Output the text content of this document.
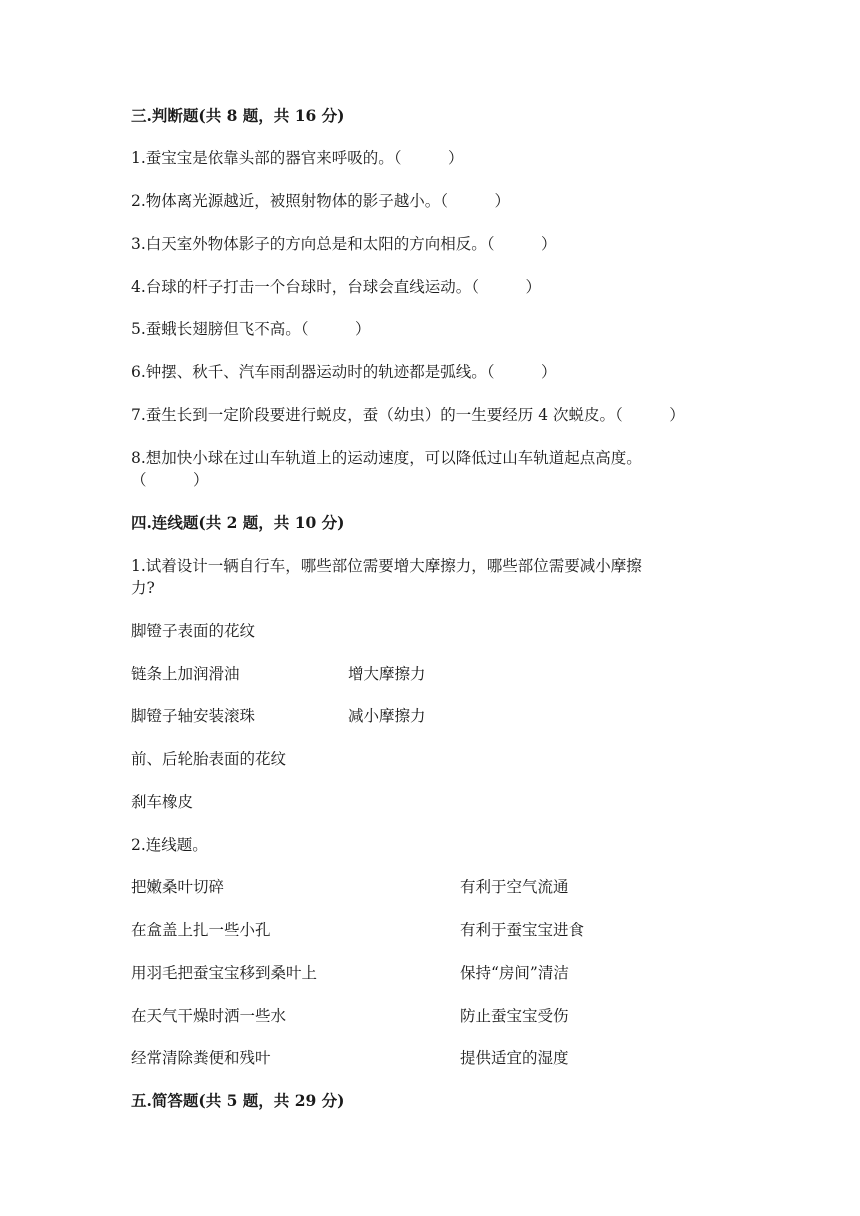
三.判断题(共 8 题，共 16 分)
1.蚕宝宝是依靠头部的器官来呼吸的。（　　　）
2.物体离光源越近，被照射物体的影子越小。（　　　）
3.白天室外物体影子的方向总是和太阳的方向相反。（　　　）
4.台球的杆子打击一个台球时，台球会直线运动。（　　　）
5.蚕蛾长翅膀但飞不高。（　　　）
6.钟摆、秋千、汽车雨刮器运动时的轨迹都是弧线。（　　　）
7.蚕生长到一定阶段要进行蜕皮，蚕（幼虫）的一生要经历 4 次蜕皮。（　　　）
8.想加快小球在过山车轨道上的运动速度，可以降低过山车轨道起点高度。
（　　　）
四.连线题(共 2 题，共 10 分)
1.试着设计一辆自行车，哪些部位需要增大摩擦力，哪些部位需要减小摩擦
力?
脚镫子表面的花纹
链条上加润滑油	增大摩擦力
脚镫子轴安装滚珠	减小摩擦力
前、后轮胎表面的花纹
刹车橡皮
2.连线题。
把嫩桑叶切碎	有利于空气流通
在盒盖上扎一些小孔	有利于蚕宝宝进食
用羽毛把蚕宝宝移到桑叶上	保持“房间”清洁
在天气干燥时洒一些水	防止蚕宝宝受伤
经常清除粪便和残叶	提供适宜的湿度
五.简答题(共 5 题，共 29 分)
